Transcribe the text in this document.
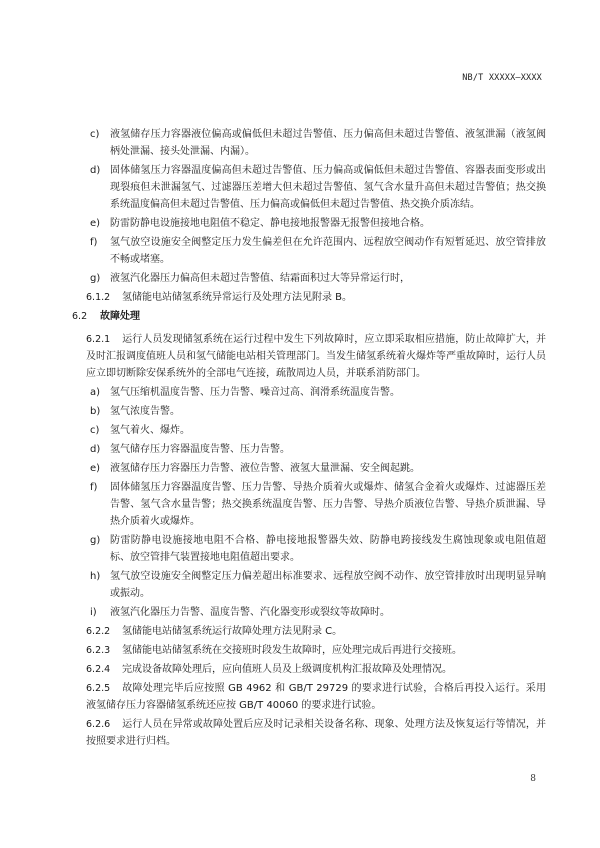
NB/T XXXXX—XXXX
c) 液氢储存压力容器液位偏高或偏低但未超过告警值、压力偏高但未超过告警值、液氢泄漏（液氢阀柄处泄漏、接头处泄漏、内漏）。
d) 固体储氢压力容器温度偏高但未超过告警值、压力偏高或偏低但未超过告警值、容器表面变形或出现裂痕但未泄漏氢气、过滤器压差增大但未超过告警值、氢气含水量升高但未超过告警值；热交换系统温度偏高但未超过告警值、压力偏高或偏低但未超过告警值、热交换介质冻结。
e) 防雷防静电设施接地电阻值不稳定、静电接地报警器无报警但接地合格。
f) 氢气放空设施安全阀整定压力发生偏差但在允许范围内、远程放空阀动作有短暂延迟、放空管排放不畅或堵塞。
g) 液氢汽化器压力偏高但未超过告警值、结霜面积过大等异常运行时，
6.1.2 氢储能电站储氢系统异常运行及处理方法见附录 B。
6.2 故障处理
6.2.1 运行人员发现储氢系统在运行过程中发生下列故障时，应立即采取相应措施，防止故障扩大，并及时汇报调度值班人员和氢气储能电站相关管理部门。当发生储氢系统着火爆炸等严重故障时，运行人员应立即切断除安保系统外的全部电气连接，疏散周边人员，并联系消防部门。
a) 氢气压缩机温度告警、压力告警、噪音过高、润滑系统温度告警。
b) 氢气浓度告警。
c) 氢气着火、爆炸。
d) 氢气储存压力容器温度告警、压力告警。
e) 液氢储存压力容器压力告警、液位告警、液氢大量泄漏、安全阀起跳。
f) 固体储氢压力容器温度告警、压力告警、导热介质着火或爆炸、储氢合金着火或爆炸、过滤器压差告警、氢气含水量告警；热交换系统温度告警、压力告警、导热介质液位告警、导热介质泄漏、导热介质着火或爆炸。
g) 防雷防静电设施接地电阻不合格、静电接地报警器失效、防静电跨接线发生腐蚀现象或电阻值超标、放空管排气装置接地电阻值超出要求。
h) 氢气放空设施安全阀整定压力偏差超出标准要求、远程放空阀不动作、放空管排放时出现明显异响或振动。
i) 液氢汽化器压力告警、温度告警、汽化器变形或裂纹等故障时。
6.2.2 氢储能电站储氢系统运行故障处理方法见附录 C。
6.2.3 氢储能电站储氢系统在交接班时段发生故障时，应处理完成后再进行交接班。
6.2.4 完成设备故障处理后，应向值班人员及上级调度机构汇报故障及处理情况。
6.2.5 故障处理完毕后应按照 GB 4962 和 GB/T 29729 的要求进行试验，合格后再投入运行。采用液氢储存压力容器储氢系统还应按 GB/T 40060 的要求进行试验。
6.2.6 运行人员在异常或故障处置后应及时记录相关设备名称、现象、处理方法及恢复运行等情况，并按照要求进行归档。
8
